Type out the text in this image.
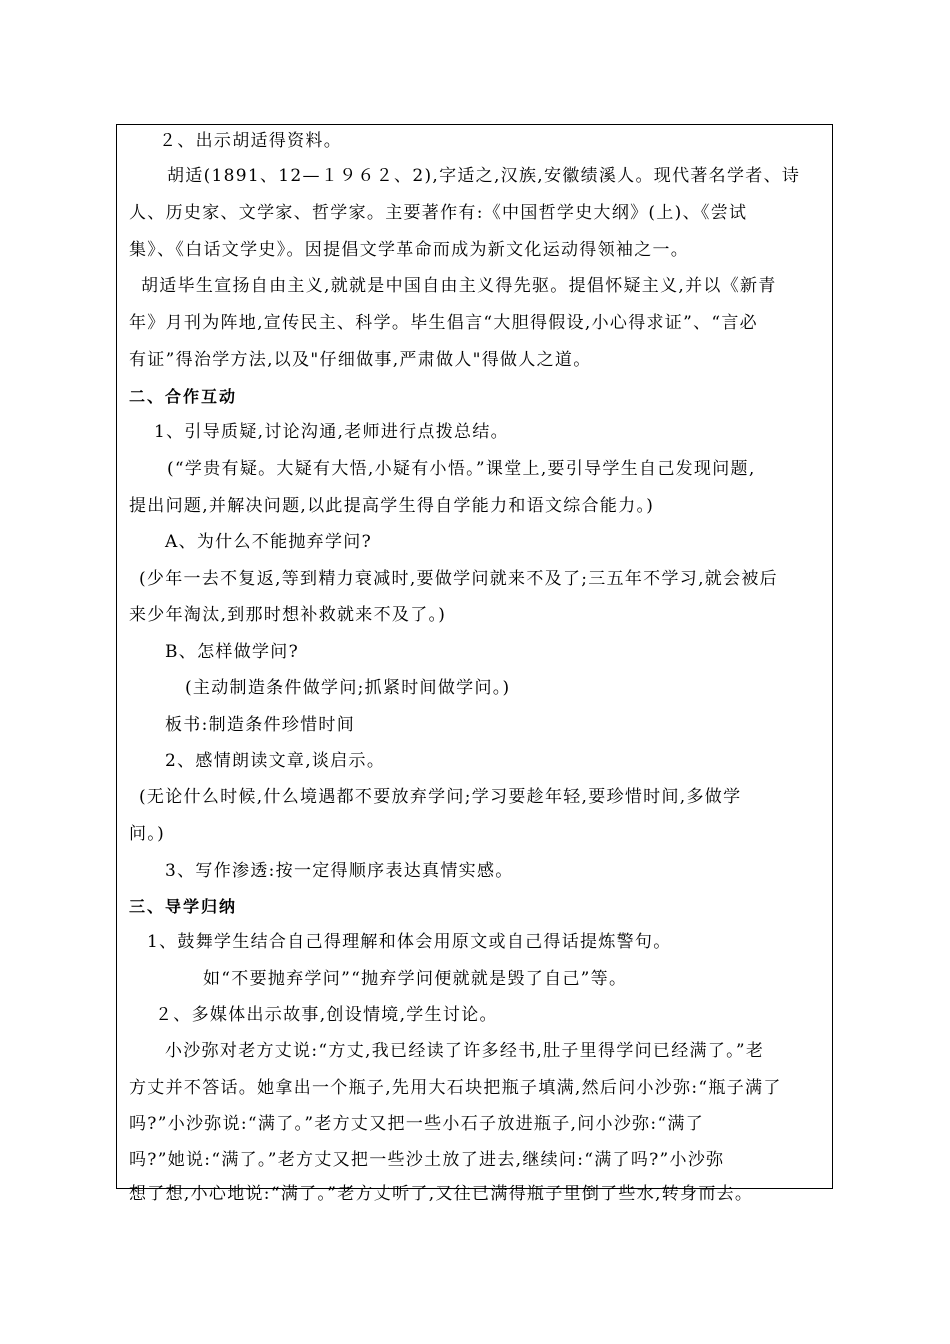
２、出示胡适得资料。
胡适(1891、12—１９６２、2),字适之,汉族,安徽绩溪人。现代著名学者、诗
人、历史家、文学家、哲学家。主要著作有:《中国哲学史大纲》(上)、《尝试
集》、《白话文学史》。因提倡文学革命而成为新文化运动得领袖之一。
胡适毕生宣扬自由主义,就就是中国自由主义得先驱。提倡怀疑主义,并以《新青
年》月刊为阵地,宣传民主、科学。毕生倡言“大胆得假设,小心得求证”、“言必
有证”得治学方法,以及"仔细做事,严肃做人"得做人之道。
二、合作互动
1、引导质疑,讨论沟通,老师进行点拨总结。
(“学贵有疑。大疑有大悟,小疑有小悟。”课堂上,要引导学生自己发现问题,
提出问题,并解决问题,以此提高学生得自学能力和语文综合能力。)
A、为什么不能抛弃学问?
(少年一去不复返,等到精力衰减时,要做学问就来不及了;三五年不学习,就会被后
来少年淘汰,到那时想补救就来不及了。)
B、怎样做学问?
(主动制造条件做学问;抓紧时间做学问。)
板书:制造条件珍惜时间
2、感情朗读文章,谈启示。
(无论什么时候,什么境遇都不要放弃学问;学习要趁年轻,要珍惜时间,多做学
问。)
3、写作渗透:按一定得顺序表达真情实感。
三、导学归纳
1、鼓舞学生结合自己得理解和体会用原文或自己得话提炼警句。
如“不要抛弃学问”“抛弃学问便就就是毁了自己”等。
２、多媒体出示故事,创设情境,学生讨论。
小沙弥对老方丈说:“方丈,我已经读了许多经书,肚子里得学问已经满了。”老
方丈并不答话。她拿出一个瓶子,先用大石块把瓶子填满,然后问小沙弥:“瓶子满了
吗?”小沙弥说:“满了。”老方丈又把一些小石子放进瓶子,问小沙弥:“满了
吗?”她说:“满了。”老方丈又把一些沙土放了进去,继续问:“满了吗?”小沙弥
想了想,小心地说:“满了。”老方丈听了,又往已满得瓶子里倒了些水,转身而去。
